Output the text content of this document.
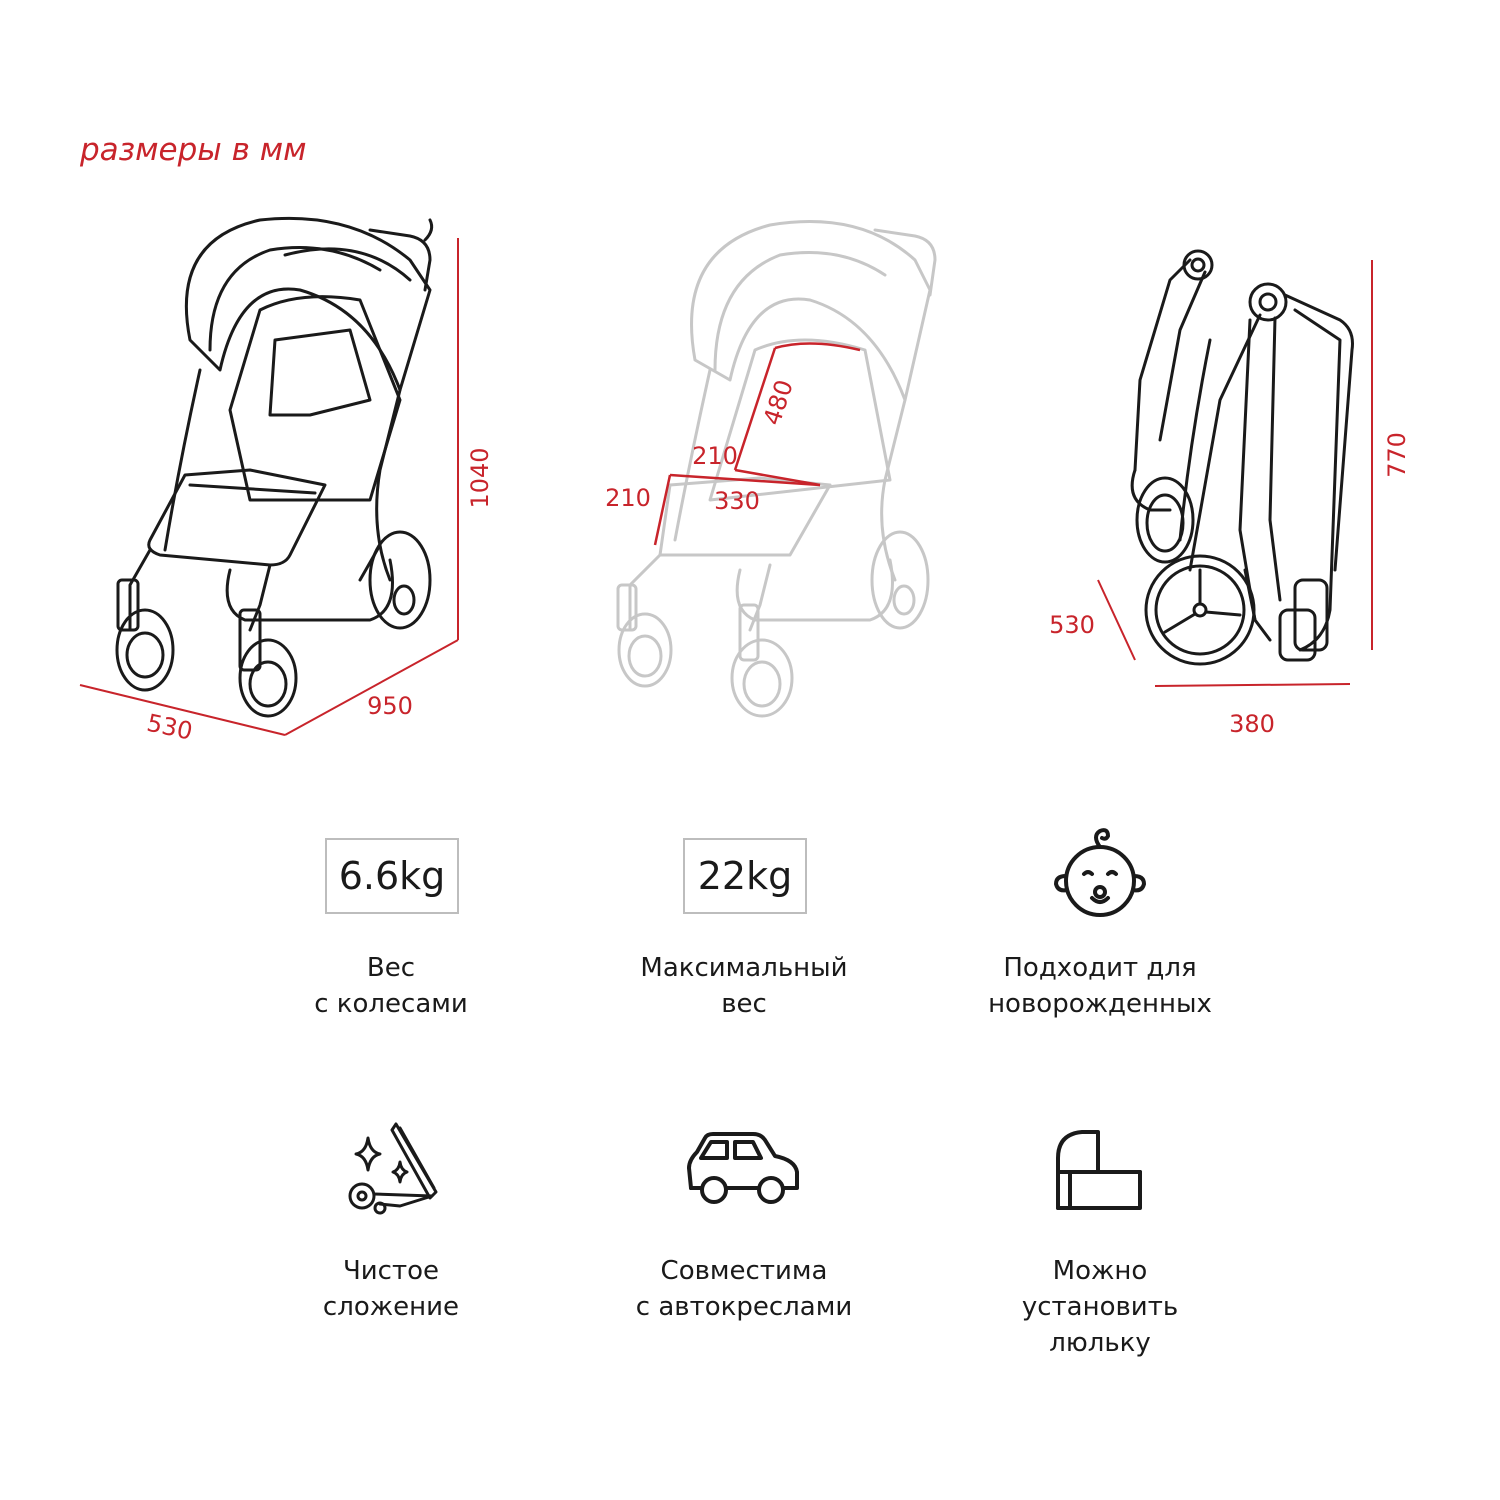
размеры в мм
1040
530
950
480
210
330
210
770
380
530
6.6kg
Вес
с колесами
22kg
Максимальный
вес
Подходит для
новорожденных
Чистое
сложение
Совместима
с автокреслами
Можно
установить
люльку
